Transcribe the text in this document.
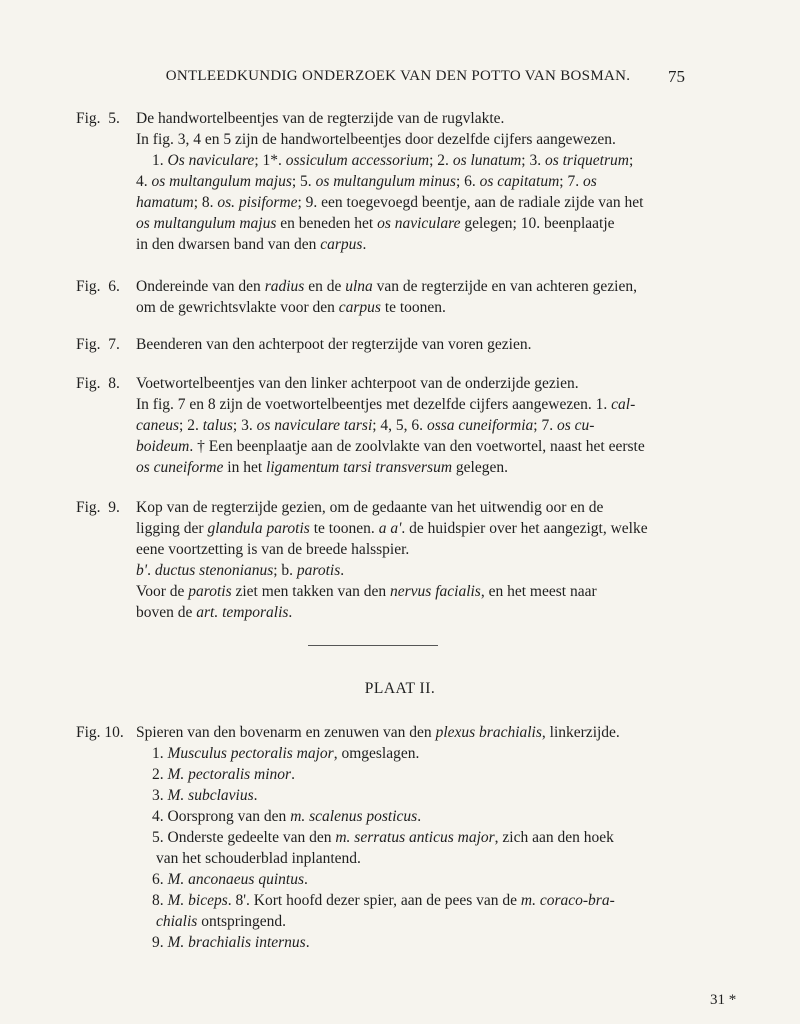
ONTLEEDKUNDIG ONDERZOEK VAN DEN POTTO VAN BOSMAN.	75
Fig.  5.	De handwortelbeentjes van de regterzijde van de rugvlakte.

In fig. 3, 4 en 5 zijn de handwortelbeentjes door dezelfde cijfers aangewezen.

1. Os naviculare; 1*. ossiculum accessorium; 2. os lunatum; 3. os triquetrum;

4. os multangulum majus; 5. os multangulum minus; 6. os capitatum; 7. os

hamatum; 8. os. pisiforme; 9. een toegevoegd beentje, aan de radiale zijde van het

os multangulum majus en beneden het os naviculare gelegen; 10. beenplaatje

in den dwarsen band van den carpus.

Fig.  6.	Ondereinde van den radius en de ulna van de regterzijde en van achteren gezien,

om de gewrichtsvlakte voor den carpus te toonen.

Fig.  7.	Beenderen van den achterpoot der regterzijde van voren gezien.

Fig.  8.	Voetwortelbeentjes van den linker achterpoot van de onderzijde gezien.

In fig. 7 en 8 zijn de voetwortelbeentjes met dezelfde cijfers aangewezen. 1. cal-

caneus; 2. talus; 3. os naviculare tarsi; 4, 5, 6. ossa cuneiformia; 7. os cu-

boideum. † Een beenplaatje aan de zoolvlakte van den voetwortel, naast het eerste

os cuneiforme in het ligamentum tarsi transversum gelegen.

Fig.  9.	Kop van de regterzijde gezien, om de gedaante van het uitwendig oor en de

ligging der glandula parotis te toonen. a a'. de huidspier over het aangezigt, welke

eene voortzetting is van de breede halsspier.

b'. ductus stenonianus; b. parotis.

Voor de parotis ziet men takken van den nervus facialis, en het meest naar

boven de art. temporalis.

PLAAT II.
Fig. 10. Spieren van den bovenarm en zenuwen van den plexus brachialis, linkerzijde.

1. Musculus pectoralis major, omgeslagen.

2. M. pectoralis minor.

3. M. subclavius.

4. Oorsprong van den m. scalenus posticus.

5. Onderste gedeelte van den m. serratus anticus major, zich aan den hoek

van het schouderblad inplantend.

6. M. anconaeus quintus.

8. M. biceps. 8'. Kort hoofd dezer spier, aan de pees van de m. coraco-bra-

chialis ontspringend.

9. M. brachialis internus.

31 *
